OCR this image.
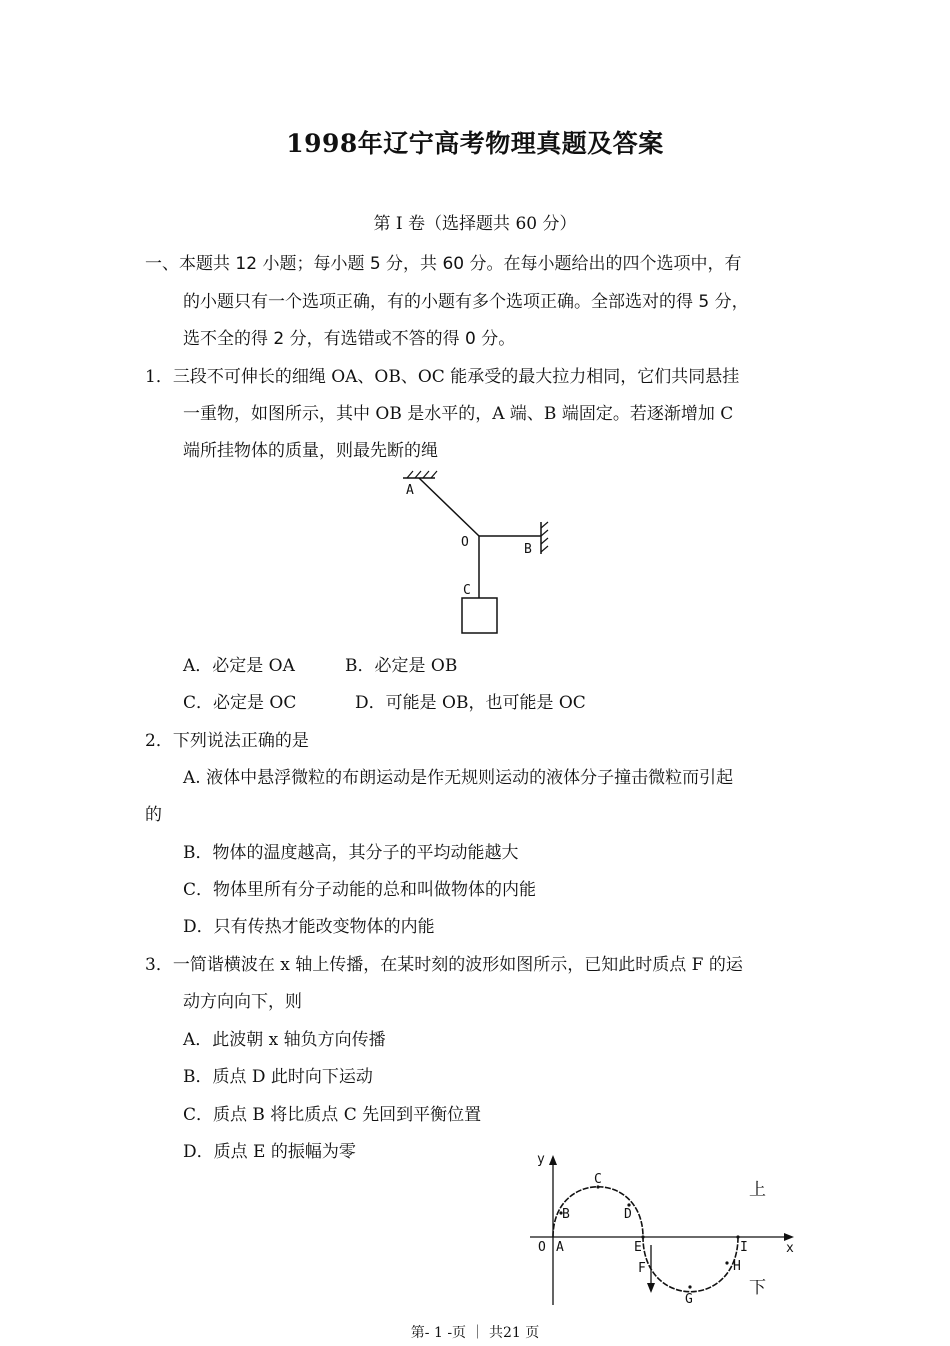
1998年辽宁高考物理真题及答案
第 I 卷（选择题共 60 分）
一、本题共 12 小题；每小题 5 分，共 60 分。在每小题给出的四个选项中，有
的小题只有一个选项正确，有的小题有多个选项正确。全部选对的得 5 分，
选不全的得 2 分，有选错或不答的得 0 分。
1．三段不可伸长的细绳 OA、OB、OC 能承受的最大拉力相同，它们共同悬挂
一重物，如图所示，其中 OB 是水平的，A 端、B 端固定。若逐渐增加 C
端所挂物体的质量，则最先断的绳
A
O	B
C
A．必定是 OA	B．必定是 OB
C．必定是 OC	D．可能是 OB，也可能是 OC
2．下列说法正确的是
A. 液体中悬浮微粒的布朗运动是作无规则运动的液体分子撞击微粒而引起
的
B．物体的温度越高，其分子的平均动能越大
C．物体里所有分子动能的总和叫做物体的内能
D．只有传热才能改变物体的内能
3．一简谐横波在 x 轴上传播，在某时刻的波形如图所示，已知此时质点 F 的运
动方向向下，则
A．此波朝 x 轴负方向传播
B．质点 D 此时向下运动
C．质点 B 将比质点 C 先回到平衡位置
D．质点 E 的振幅为零	y
x
O A
B
C
D
E
F
G
H
I
上
下
第- 1 -页 ｜ 共21 页
